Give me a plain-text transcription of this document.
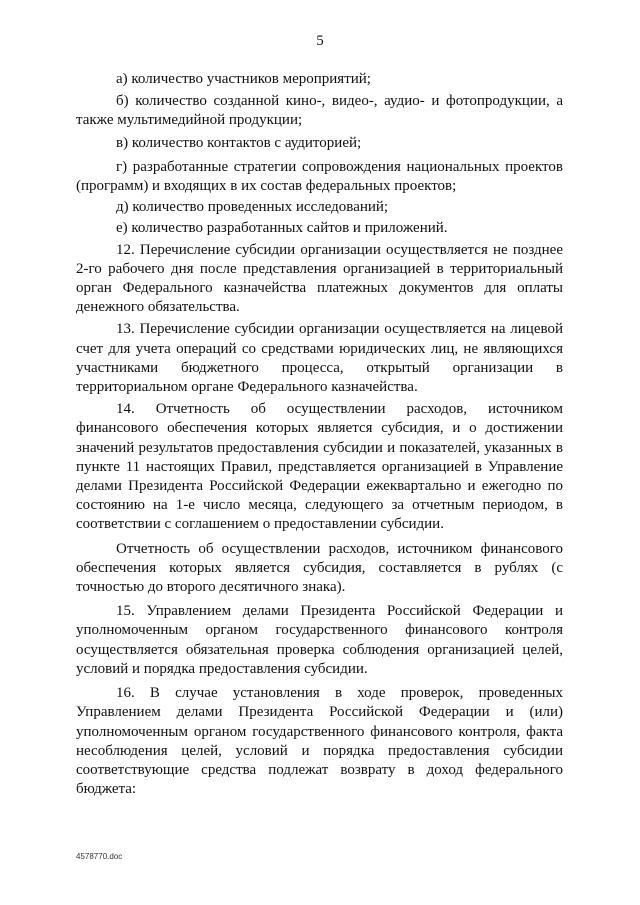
5

а) количество участников мероприятий;

б) количество созданной кино-, видео-, аудио- и фотопродукции, а также мультимедийной продукции;

в) количество контактов с аудиторией;

г) разработанные стратегии сопровождения национальных проектов (программ) и входящих в их состав федеральных проектов;

д) количество проведенных исследований;

е) количество разработанных сайтов и приложений.

12. Перечисление субсидии организации осуществляется не позднее 2-го рабочего дня после представления организацией в территориальный орган Федерального казначейства платежных документов для оплаты денежного обязательства.

13. Перечисление субсидии организации осуществляется на лицевой счет для учета операций со средствами юридических лиц, не являющихся участниками бюджетного процесса, открытый организации в территориальном органе Федерального казначейства.

14. Отчетность об осуществлении расходов, источником финансового обеспечения которых является субсидия, и о достижении значений результатов предоставления субсидии и показателей, указанных в пункте 11 настоящих Правил, представляется организацией в Управление делами Президента Российской Федерации ежеквартально и ежегодно по состоянию на 1-е число месяца, следующего за отчетным периодом, в соответствии с соглашением о предоставлении субсидии.

Отчетность об осуществлении расходов, источником финансового обеспечения которых является субсидия, составляется в рублях (с точностью до второго десятичного знака).

15. Управлением делами Президента Российской Федерации и уполномоченным органом государственного финансового контроля осуществляется обязательная проверка соблюдения организацией целей, условий и порядка предоставления субсидии.

16. В случае установления в ходе проверок, проведенных Управлением делами Президента Российской Федерации и (или) уполномоченным органом государственного финансового контроля, факта несоблюдения целей, условий и порядка предоставления субсидии соответствующие средства подлежат возврату в доход федерального бюджета:

4578770.doc
